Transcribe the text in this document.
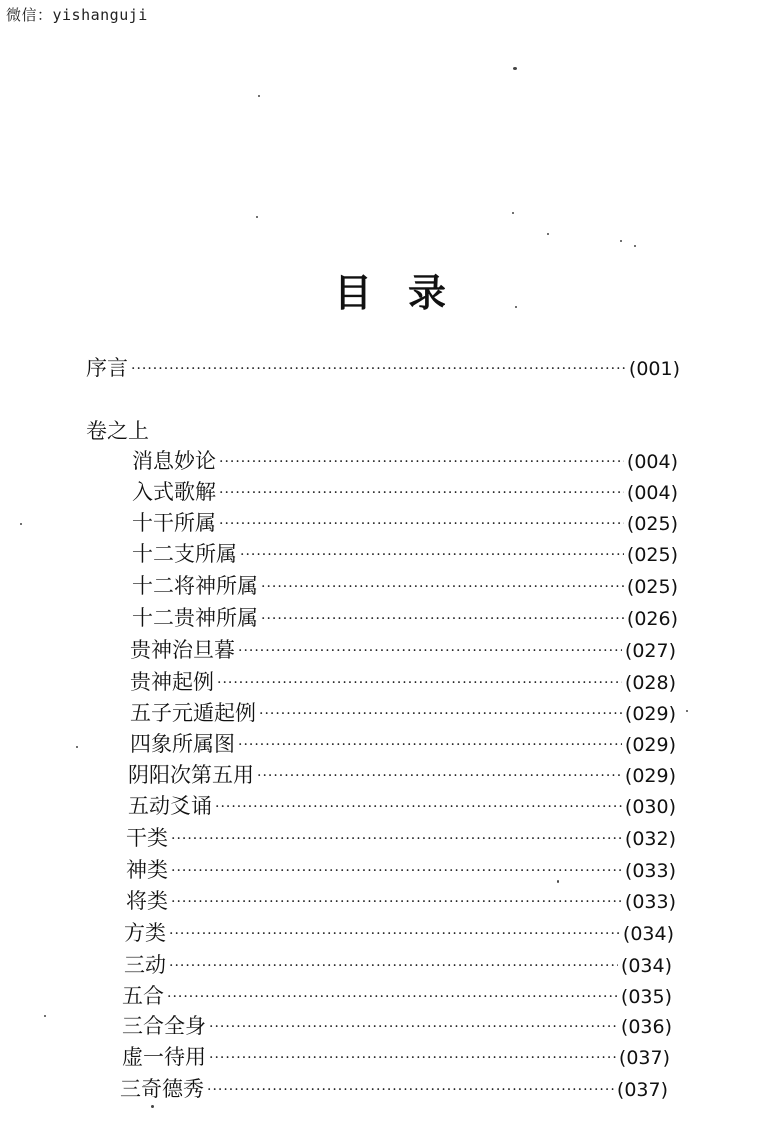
微信：yishanguji
目录
序言 ·····	(001)
卷之上
消息妙论 ·····	(004)
入式歌解 ·····	(004)
十干所属 ·····	(025)
十二支所属 ·····	(025)
十二将神所属 ·····	(025)
十二贵神所属 ·····	(026)
贵神治旦暮 ·····	(027)
贵神起例 ·····	(028)
五子元遁起例 ·····	(029)
四象所属图 ·····	(029)
阴阳次第五用 ·····	(029)
五动爻诵 ·····	(030)
干类 ·····	(032)
神类 ·····	(033)
将类 ·····	(033)
方类 ·····	(034)
三动 ·····	(034)
五合 ·····	(035)
三合全身 ·····	(036)
虚一待用 ·····	(037)
三奇德秀 ·····	(037)
